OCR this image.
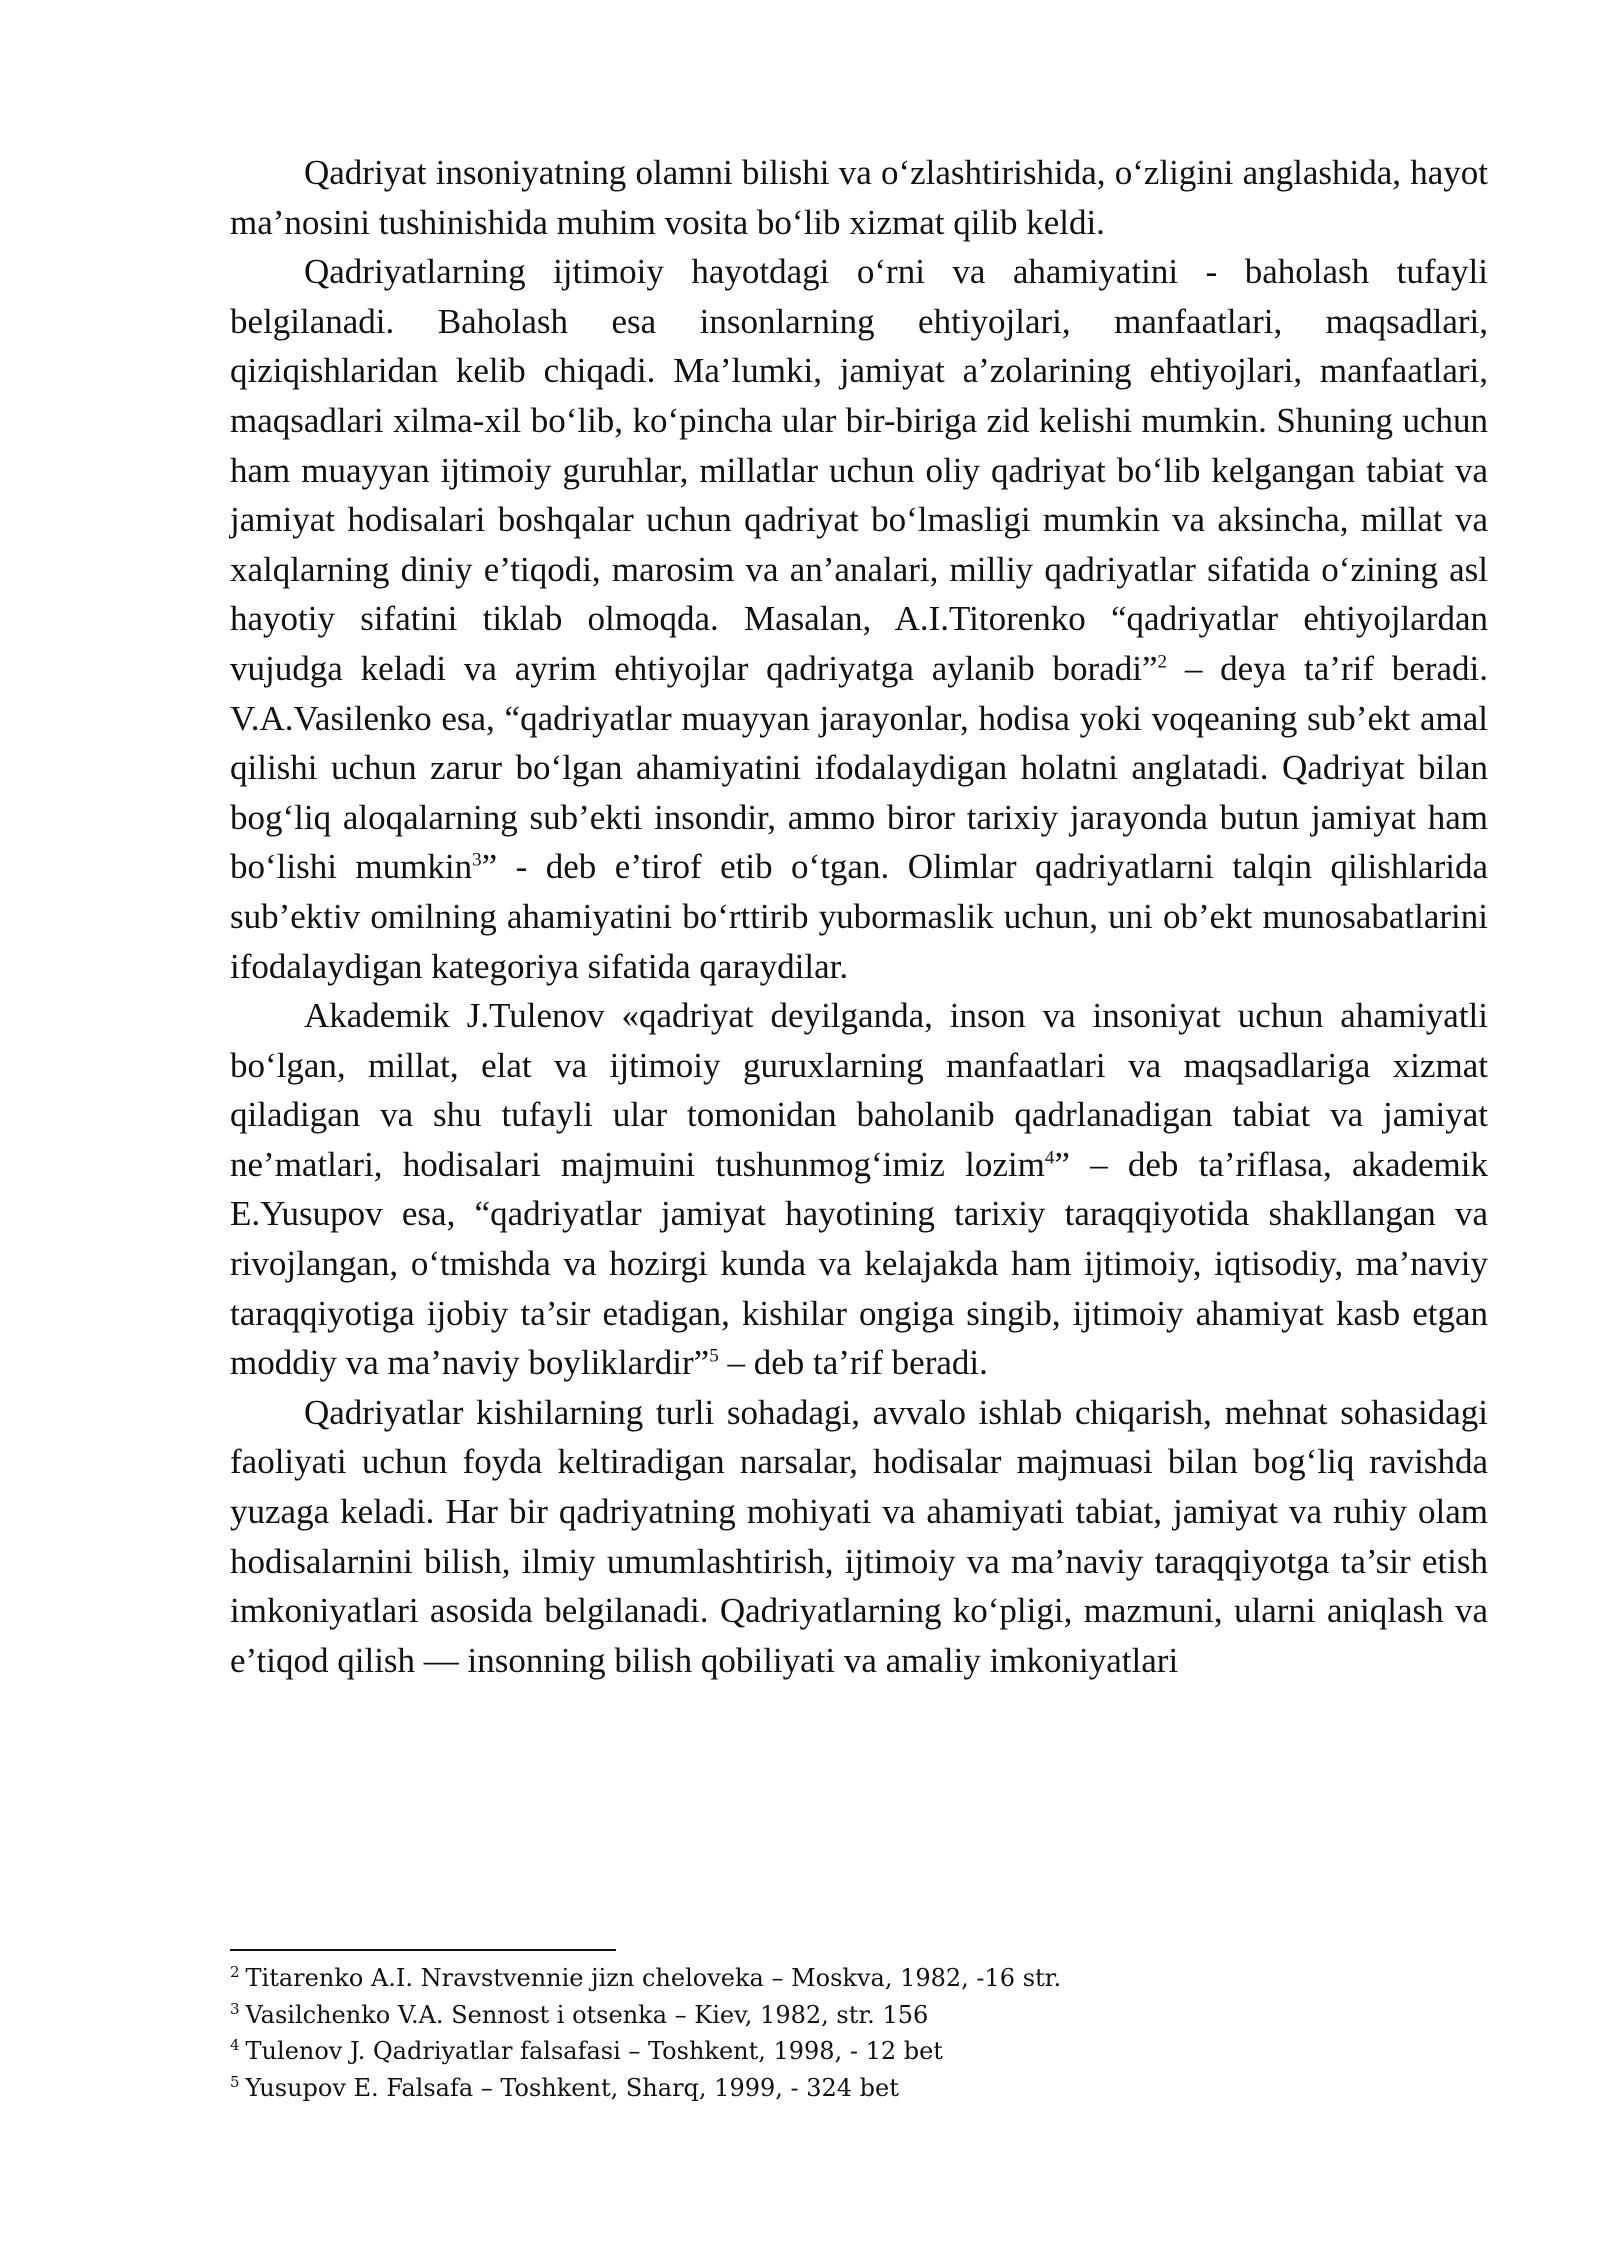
Qadriyat insoniyatning olamni bilishi va o‘zlashtirishida, o‘zligini anglashida, hayot ma’nosini tushinishida muhim vosita bo‘lib xizmat qilib keldi.

Qadriyatlarning ijtimoiy hayotdagi o‘rni va ahamiyatini - baholash tufayli belgilanadi. Baholash esa insonlarning ehtiyojlari, manfaatlari, maqsadlari, qiziqishlaridan kelib chiqadi. Ma’lumki, jamiyat a’zolarining ehtiyojlari, manfaatlari, maqsadlari xilma-xil bo‘lib, ko‘pincha ular bir-biriga zid kelishi mumkin. Shuning uchun ham muayyan ijtimoiy guruhlar, millatlar uchun oliy qadriyat bo‘lib kelgangan tabiat va jamiyat hodisalari boshqalar uchun qadriyat bo‘lmasligi mumkin va aksincha, millat va xalqlarning diniy e’tiqodi, marosim va an’analari, milliy qadriyatlar sifatida o‘zining asl hayotiy sifatini tiklab olmoqda. Masalan, A.I.Titorenko “qadriyatlar ehtiyojlardan vujudga keladi va ayrim ehtiyojlar qadriyatga aylanib boradi”$^2$ – deya ta’rif beradi. V.A.Vasilenko esa, “qadriyatlar muayyan jarayonlar, hodisa yoki voqeaning sub’ekt amal qilishi uchun zarur bo‘lgan ahamiyatini ifodalaydigan holatni anglatadi. Qadriyat bilan bog‘liq aloqalarning sub’ekti insondir, ammo biror tarixiy jarayonda butun jamiyat ham bo‘lishi mumkin$^3$” - deb e’tirof etib o‘tgan. Olimlar qadriyatlarni talqin qilishlarida sub’ektiv omilning ahamiyatini bo‘rttirib yubormaslik uchun, uni ob’ekt munosabatlarini ifodalaydigan kategoriya sifatida qaraydilar.

Akademik J.Tulenov «qadriyat deyilganda, inson va insoniyat uchun ahamiyatli bo‘lgan, millat, elat va ijtimoiy guruxlarning manfaatlari va maqsadlariga xizmat qiladigan va shu tufayli ular tomonidan baholanib qadrlanadigan tabiat va jamiyat ne’matlari, hodisalari majmuini tushunmog‘imiz lozim$^4$” – deb ta’riflasa, akademik E.Yusupov esa, “qadriyatlar jamiyat hayotining tarixiy taraqqiyotida shakllangan va rivojlangan, o‘tmishda va hozirgi kunda va kelajakda ham ijtimoiy, iqtisodiy, ma’naviy taraqqiyotiga ijobiy ta’sir etadigan, kishilar ongiga singib, ijtimoiy ahamiyat kasb etgan moddiy va ma’naviy boyliklardir”$^5$ – deb ta’rif beradi.

Qadriyatlar kishilarning turli sohadagi, avvalo ishlab chiqarish, mehnat sohasidagi faoliyati uchun foyda keltiradigan narsalar, hodisalar majmuasi bilan bog‘liq ravishda yuzaga keladi. Har bir qadriyatning mohiyati va ahamiyati tabiat, jamiyat va ruhiy olam hodisalarnini bilish, ilmiy umumlashtirish, ijtimoiy va ma’naviy taraqqiyotga ta’sir etish imkoniyatlari asosida belgilanadi. Qadriyatlarning ko‘pligi, mazmuni, ularni aniqlash va e’tiqod qilish — insonning bilish qobiliyati va amaliy imkoniyatlari

$^2$ Titarenko A.I. Nravstvennie jizn cheloveka – Moskva, 1982, -16 str.

$^3$ Vasilchenko V.A. Sennost i otsenka – Kiev, 1982, str. 156

$^4$ Tulenov J. Qadriyatlar falsafasi – Toshkent, 1998, - 12 bet

$^5$ Yusupov E. Falsafa – Toshkent, Sharq, 1999, - 324 bet
